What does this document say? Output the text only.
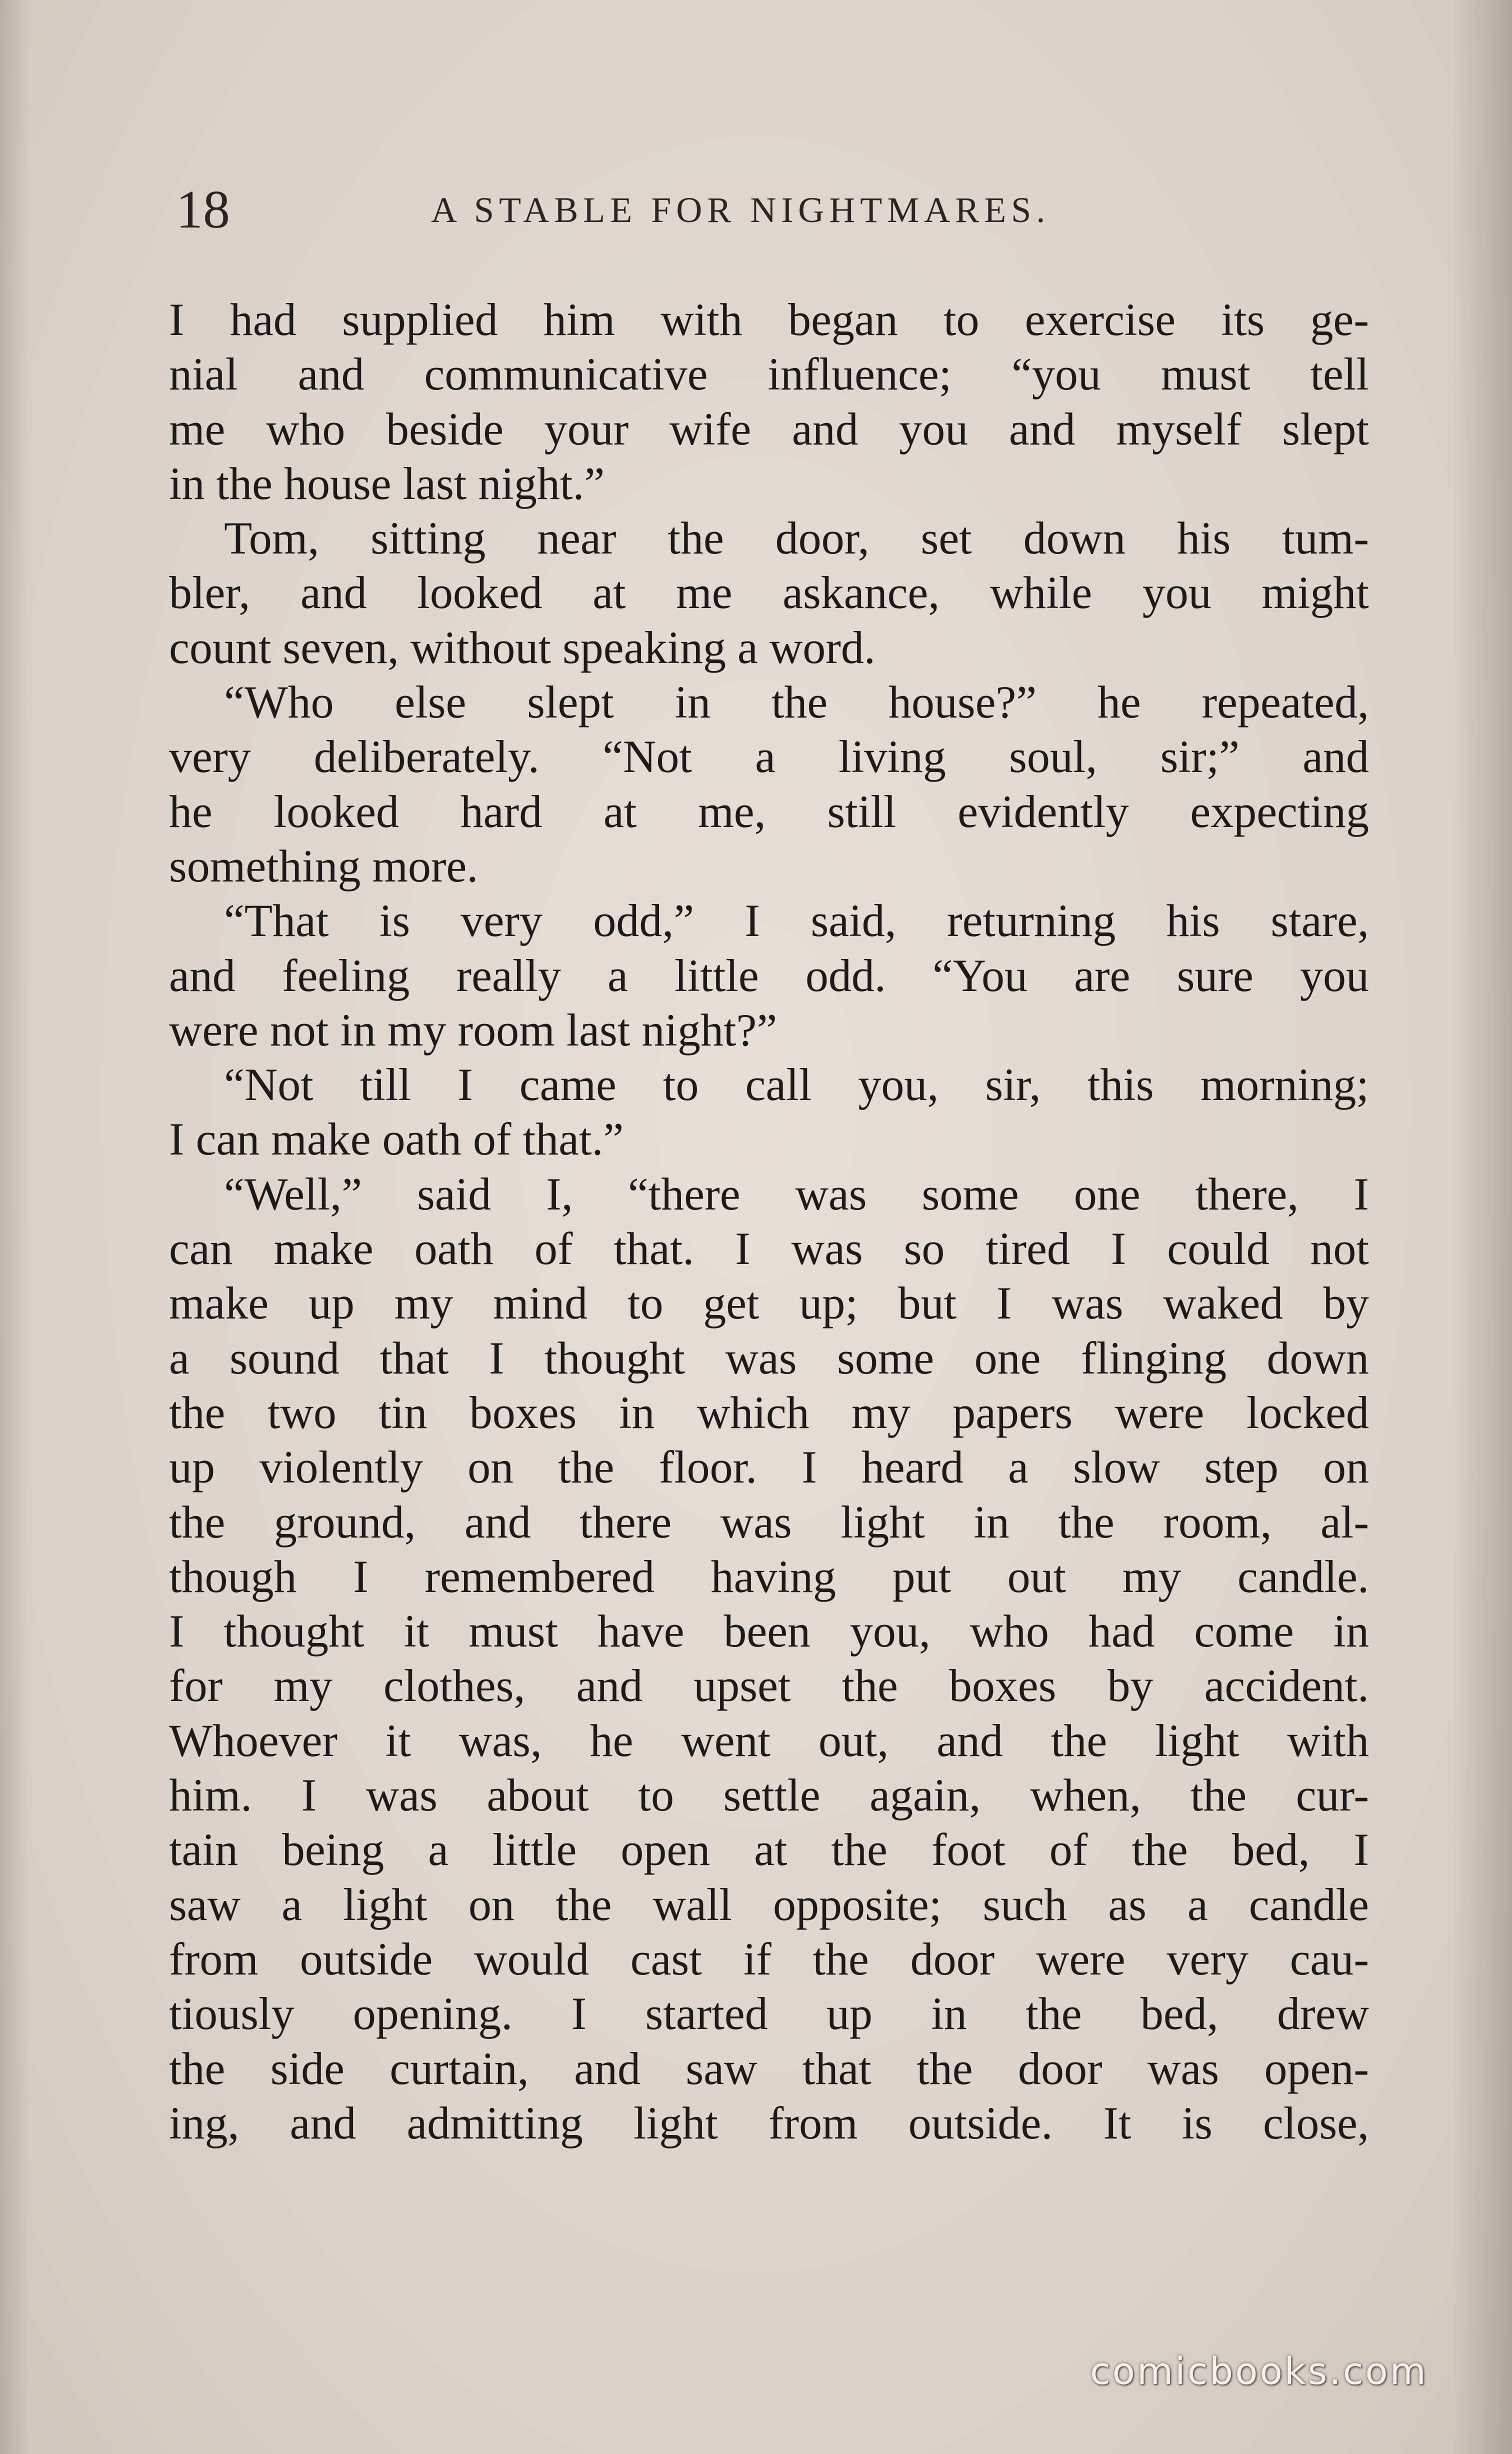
18	A STABLE FOR NIGHTMARES.
I had supplied him with began to exercise its ge-
nial and communicative influence; “you must tell
me who beside your wife and you and myself slept
in the house last night.”
Tom, sitting near the door, set down his tum-
bler, and looked at me askance, while you might
count seven, without speaking a word.
“Who else slept in the house?” he repeated,
very deliberately. “Not a living soul, sir;” and
he looked hard at me, still evidently expecting
something more.
“That is very odd,” I said, returning his stare,
and feeling really a little odd. “You are sure you
were not in my room last night?”
“Not till I came to call you, sir, this morning;
I can make oath of that.”
“Well,” said I, “there was some one there, I
can make oath of that. I was so tired I could not
make up my mind to get up; but I was waked by
a sound that I thought was some one flinging down
the two tin boxes in which my papers were locked
up violently on the floor. I heard a slow step on
the ground, and there was light in the room, al-
though I remembered having put out my candle.
I thought it must have been you, who had come in
for my clothes, and upset the boxes by accident.
Whoever it was, he went out, and the light with
him. I was about to settle again, when, the cur-
tain being a little open at the foot of the bed, I
saw a light on the wall opposite; such as a candle
from outside would cast if the door were very cau-
tiously opening. I started up in the bed, drew
the side curtain, and saw that the door was open-
ing, and admitting light from outside. It is close,
comicbooks.com
